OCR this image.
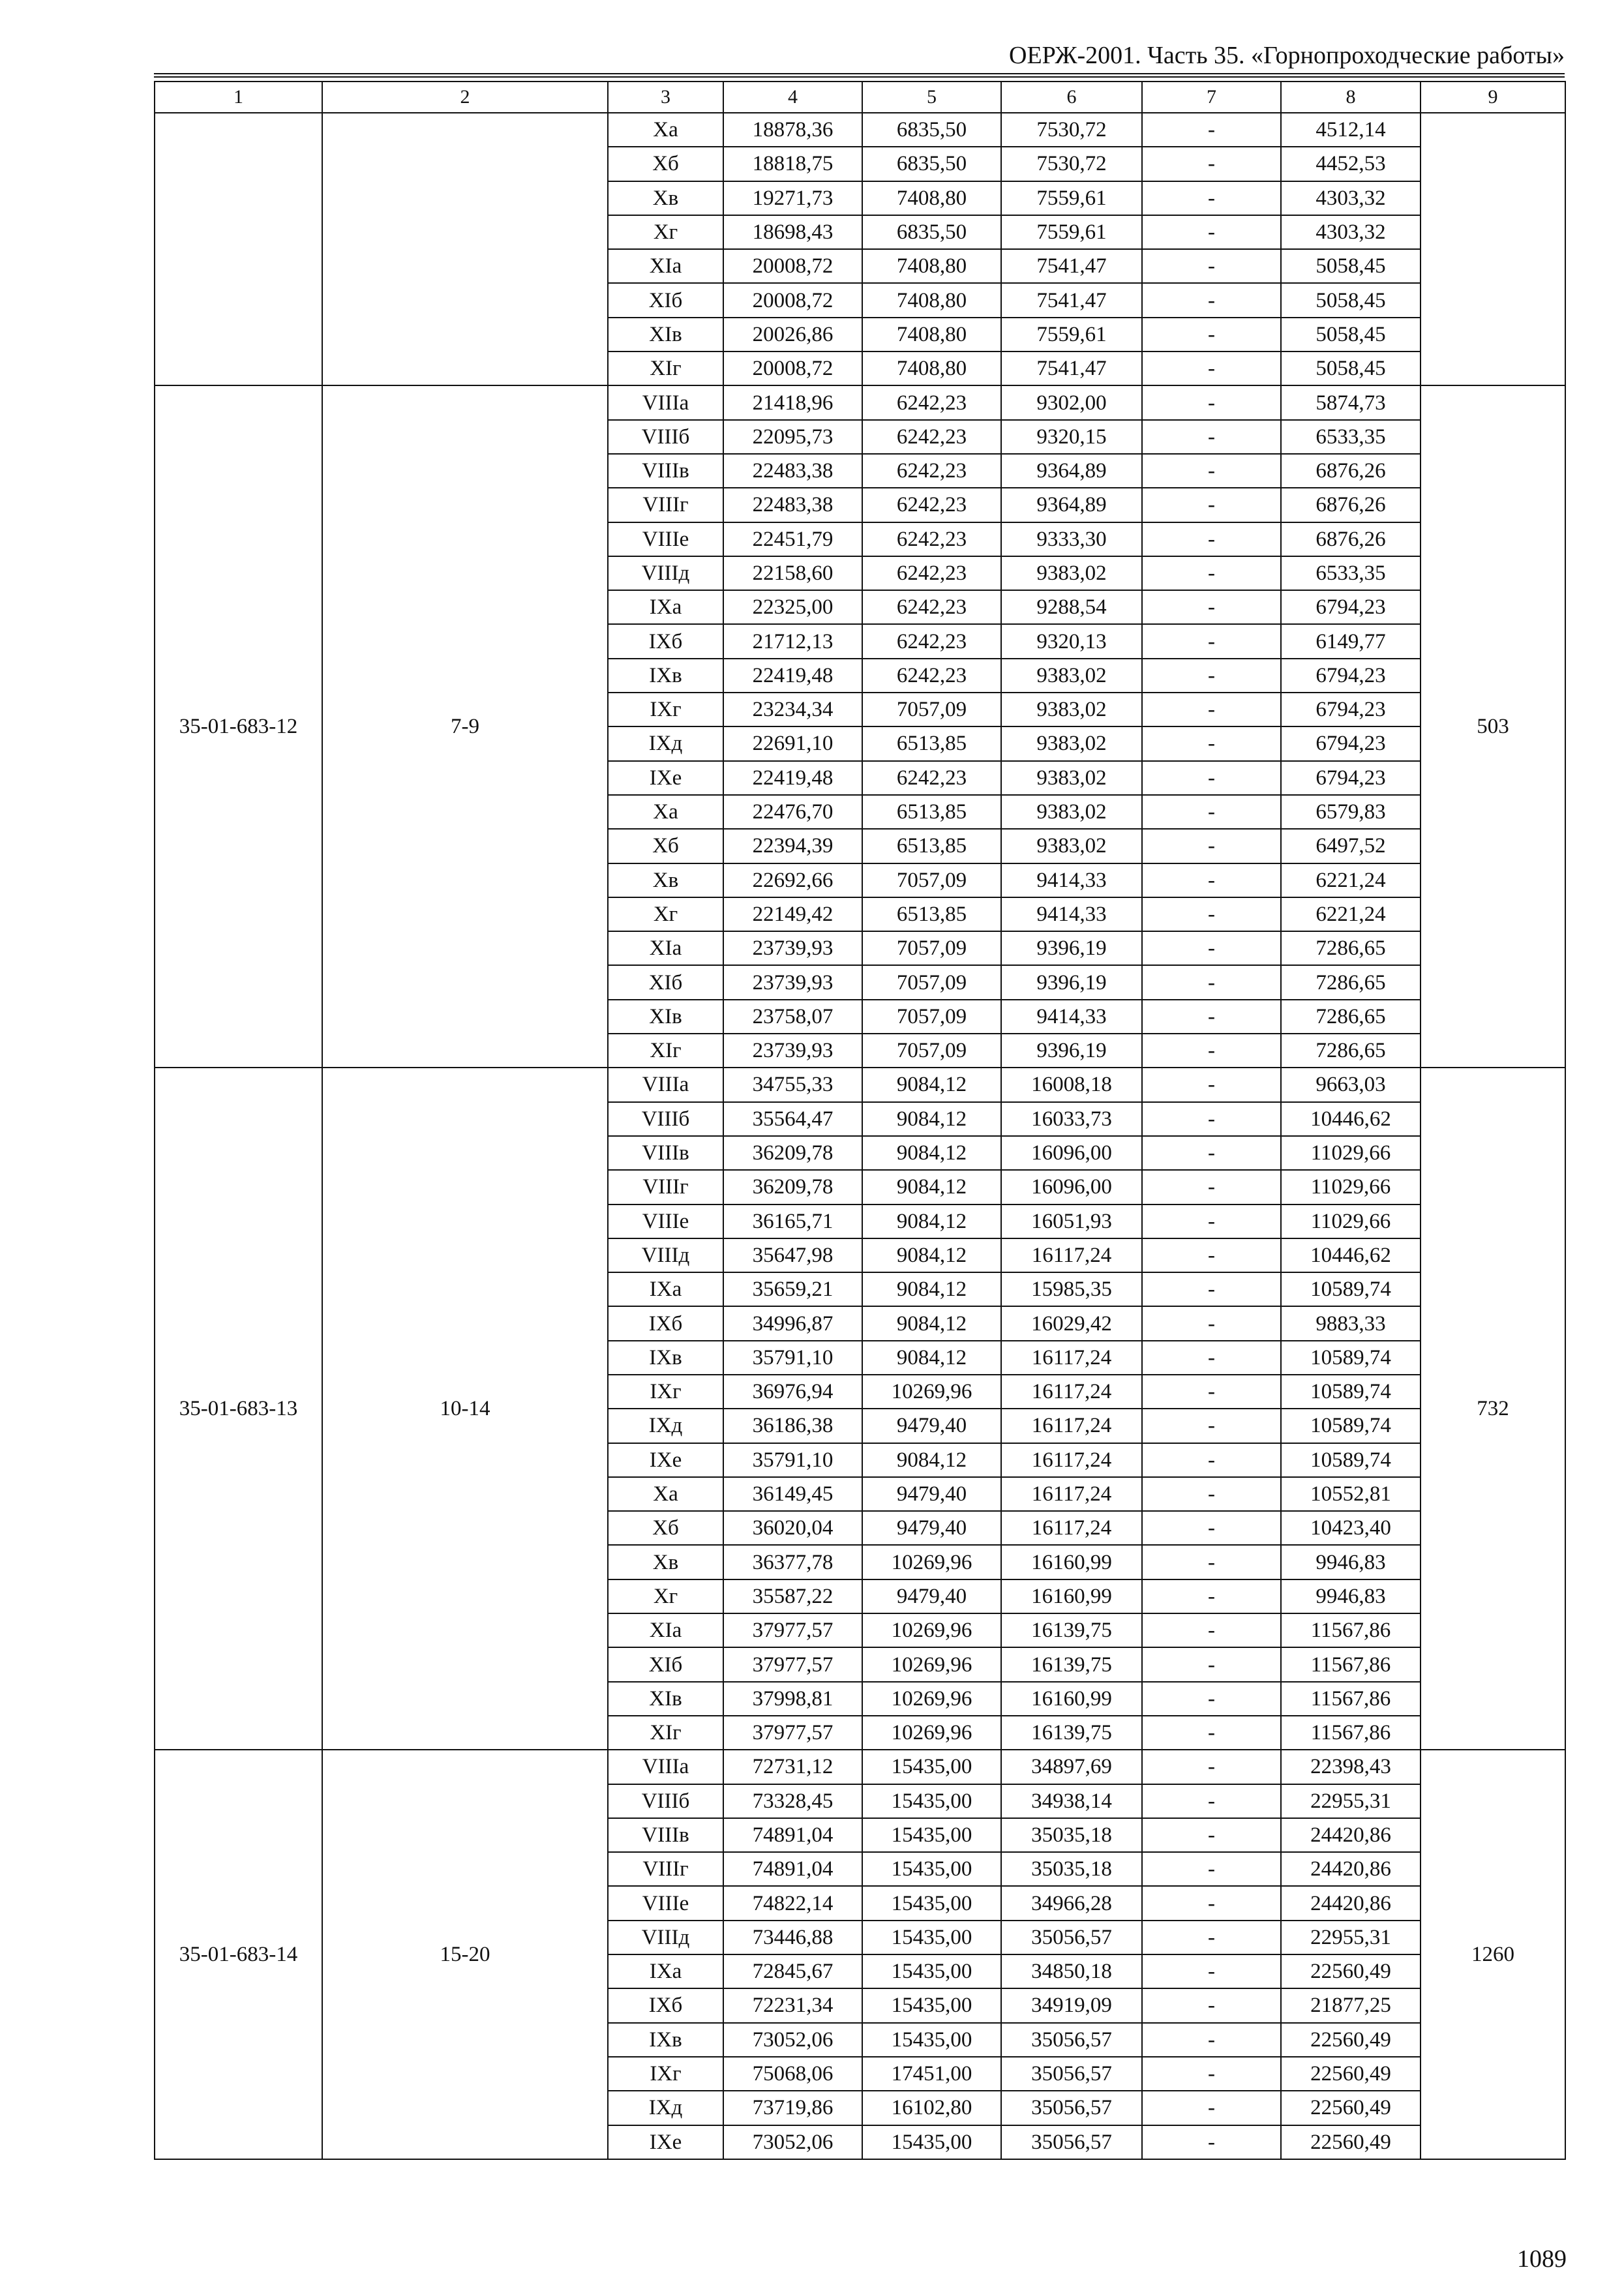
ОЕРЖ-2001. Часть 35. «Горнопроходческие работы»
1	2	3	4	5	6	7	8	9
		Xa	18878,36	6835,50	7530,72	-	4512,14	
		Xб	18818,75	6835,50	7530,72	-	4452,53	
		Xв	19271,73	7408,80	7559,61	-	4303,32	
		Xг	18698,43	6835,50	7559,61	-	4303,32	
		XIa	20008,72	7408,80	7541,47	-	5058,45	
		XIб	20008,72	7408,80	7541,47	-	5058,45	
		XIв	20026,86	7408,80	7559,61	-	5058,45	
		XIг	20008,72	7408,80	7541,47	-	5058,45	
35-01-683-12	7-9	VIIIa	21418,96	6242,23	9302,00	-	5874,73	503
		VIIIб	22095,73	6242,23	9320,15	-	6533,35	
		VIIIв	22483,38	6242,23	9364,89	-	6876,26	
		VIIIг	22483,38	6242,23	9364,89	-	6876,26	
		VIIIe	22451,79	6242,23	9333,30	-	6876,26	
		VIIIд	22158,60	6242,23	9383,02	-	6533,35	
		IXa	22325,00	6242,23	9288,54	-	6794,23	
		IXб	21712,13	6242,23	9320,13	-	6149,77	
		IXв	22419,48	6242,23	9383,02	-	6794,23	
		IXг	23234,34	7057,09	9383,02	-	6794,23	
		IXд	22691,10	6513,85	9383,02	-	6794,23	
		IXe	22419,48	6242,23	9383,02	-	6794,23	
		Xa	22476,70	6513,85	9383,02	-	6579,83	
		Xб	22394,39	6513,85	9383,02	-	6497,52	
		Xв	22692,66	7057,09	9414,33	-	6221,24	
		Xг	22149,42	6513,85	9414,33	-	6221,24	
		XIa	23739,93	7057,09	9396,19	-	7286,65	
		XIб	23739,93	7057,09	9396,19	-	7286,65	
		XIв	23758,07	7057,09	9414,33	-	7286,65	
		XIг	23739,93	7057,09	9396,19	-	7286,65	
35-01-683-13	10-14	VIIIa	34755,33	9084,12	16008,18	-	9663,03	732
		VIIIб	35564,47	9084,12	16033,73	-	10446,62	
		VIIIв	36209,78	9084,12	16096,00	-	11029,66	
		VIIIг	36209,78	9084,12	16096,00	-	11029,66	
		VIIIe	36165,71	9084,12	16051,93	-	11029,66	
		VIIIд	35647,98	9084,12	16117,24	-	10446,62	
		IXa	35659,21	9084,12	15985,35	-	10589,74	
		IXб	34996,87	9084,12	16029,42	-	9883,33	
		IXв	35791,10	9084,12	16117,24	-	10589,74	
		IXг	36976,94	10269,96	16117,24	-	10589,74	
		IXд	36186,38	9479,40	16117,24	-	10589,74	
		IXe	35791,10	9084,12	16117,24	-	10589,74	
		Xa	36149,45	9479,40	16117,24	-	10552,81	
		Xб	36020,04	9479,40	16117,24	-	10423,40	
		Xв	36377,78	10269,96	16160,99	-	9946,83	
		Xг	35587,22	9479,40	16160,99	-	9946,83	
		XIa	37977,57	10269,96	16139,75	-	11567,86	
		XIб	37977,57	10269,96	16139,75	-	11567,86	
		XIв	37998,81	10269,96	16160,99	-	11567,86	
		XIг	37977,57	10269,96	16139,75	-	11567,86	
35-01-683-14	15-20	VIIIa	72731,12	15435,00	34897,69	-	22398,43	1260
		VIIIб	73328,45	15435,00	34938,14	-	22955,31	
		VIIIв	74891,04	15435,00	35035,18	-	24420,86	
		VIIIг	74891,04	15435,00	35035,18	-	24420,86	
		VIIIe	74822,14	15435,00	34966,28	-	24420,86	
		VIIIд	73446,88	15435,00	35056,57	-	22955,31	
		IXa	72845,67	15435,00	34850,18	-	22560,49	
		IXб	72231,34	15435,00	34919,09	-	21877,25	
		IXв	73052,06	15435,00	35056,57	-	22560,49	
		IXг	75068,06	17451,00	35056,57	-	22560,49	
		IXд	73719,86	16102,80	35056,57	-	22560,49	
		IXe	73052,06	15435,00	35056,57	-	22560,49	
1089
